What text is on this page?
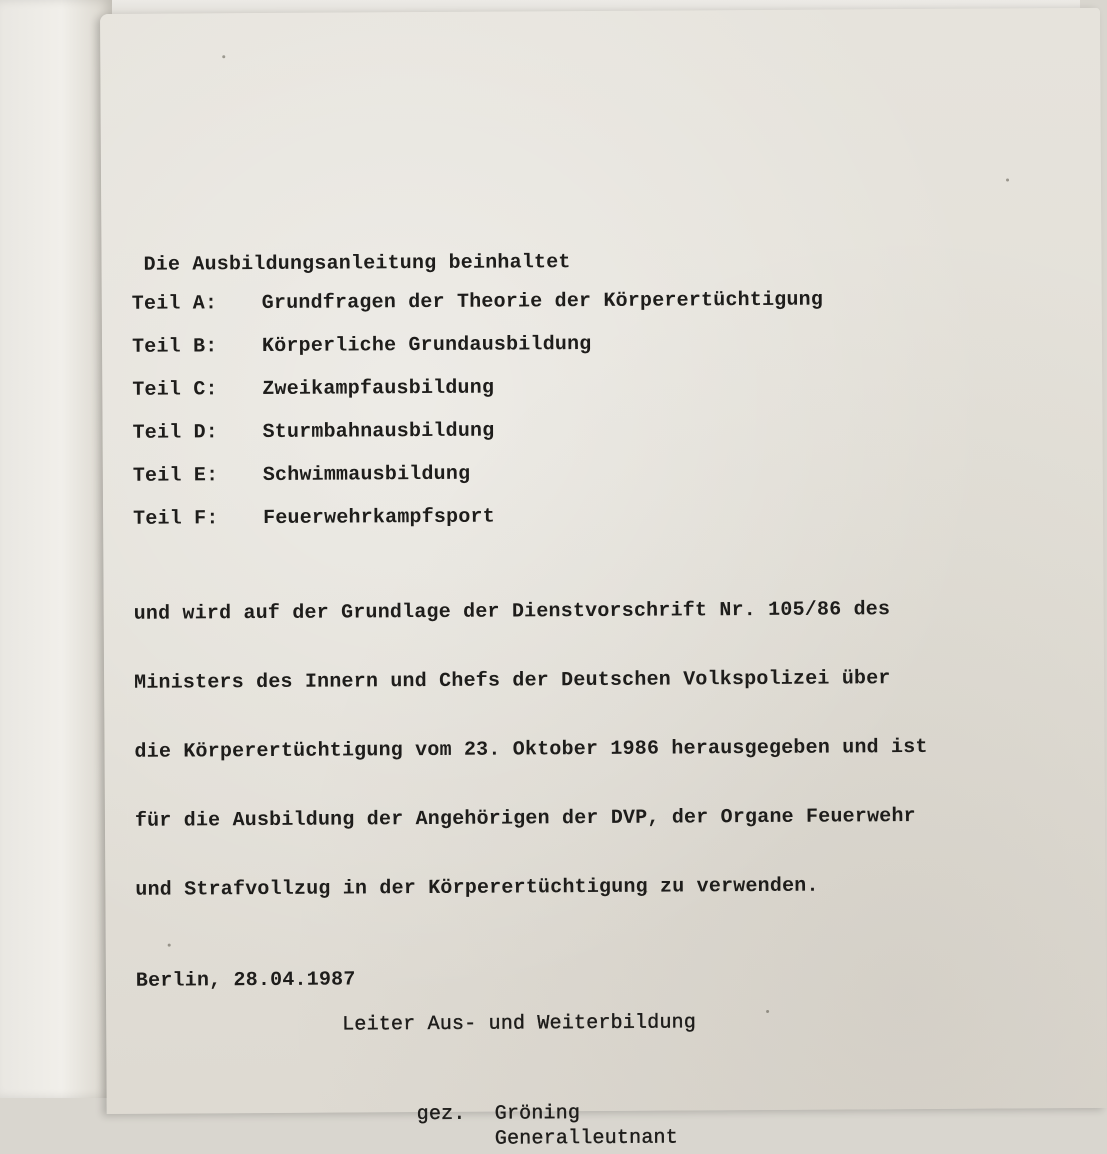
Die Ausbildungsanleitung beinhaltet
Teil A:	Grundfragen der Theorie der Körperertüchtigung
Teil B:	Körperliche Grundausbildung
Teil C:	Zweikampfausbildung
Teil D:	Sturmbahnausbildung
Teil E:	Schwimmausbildung
Teil F:	Feuerwehrkampfsport

und wird auf der Grundlage der Dienstvorschrift Nr. 105/86 des

Ministers des Innern und Chefs der Deutschen Volkspolizei über

die Körperertüchtigung vom 23. Oktober 1986 herausgegeben und ist

für die Ausbildung der Angehörigen der DVP, der Organe Feuerwehr

und Strafvollzug in der Körperertüchtigung zu verwenden.

Berlin, 28.04.1987
Leiter Aus- und Weiterbildung
gez.	Gröning
Generalleutnant
